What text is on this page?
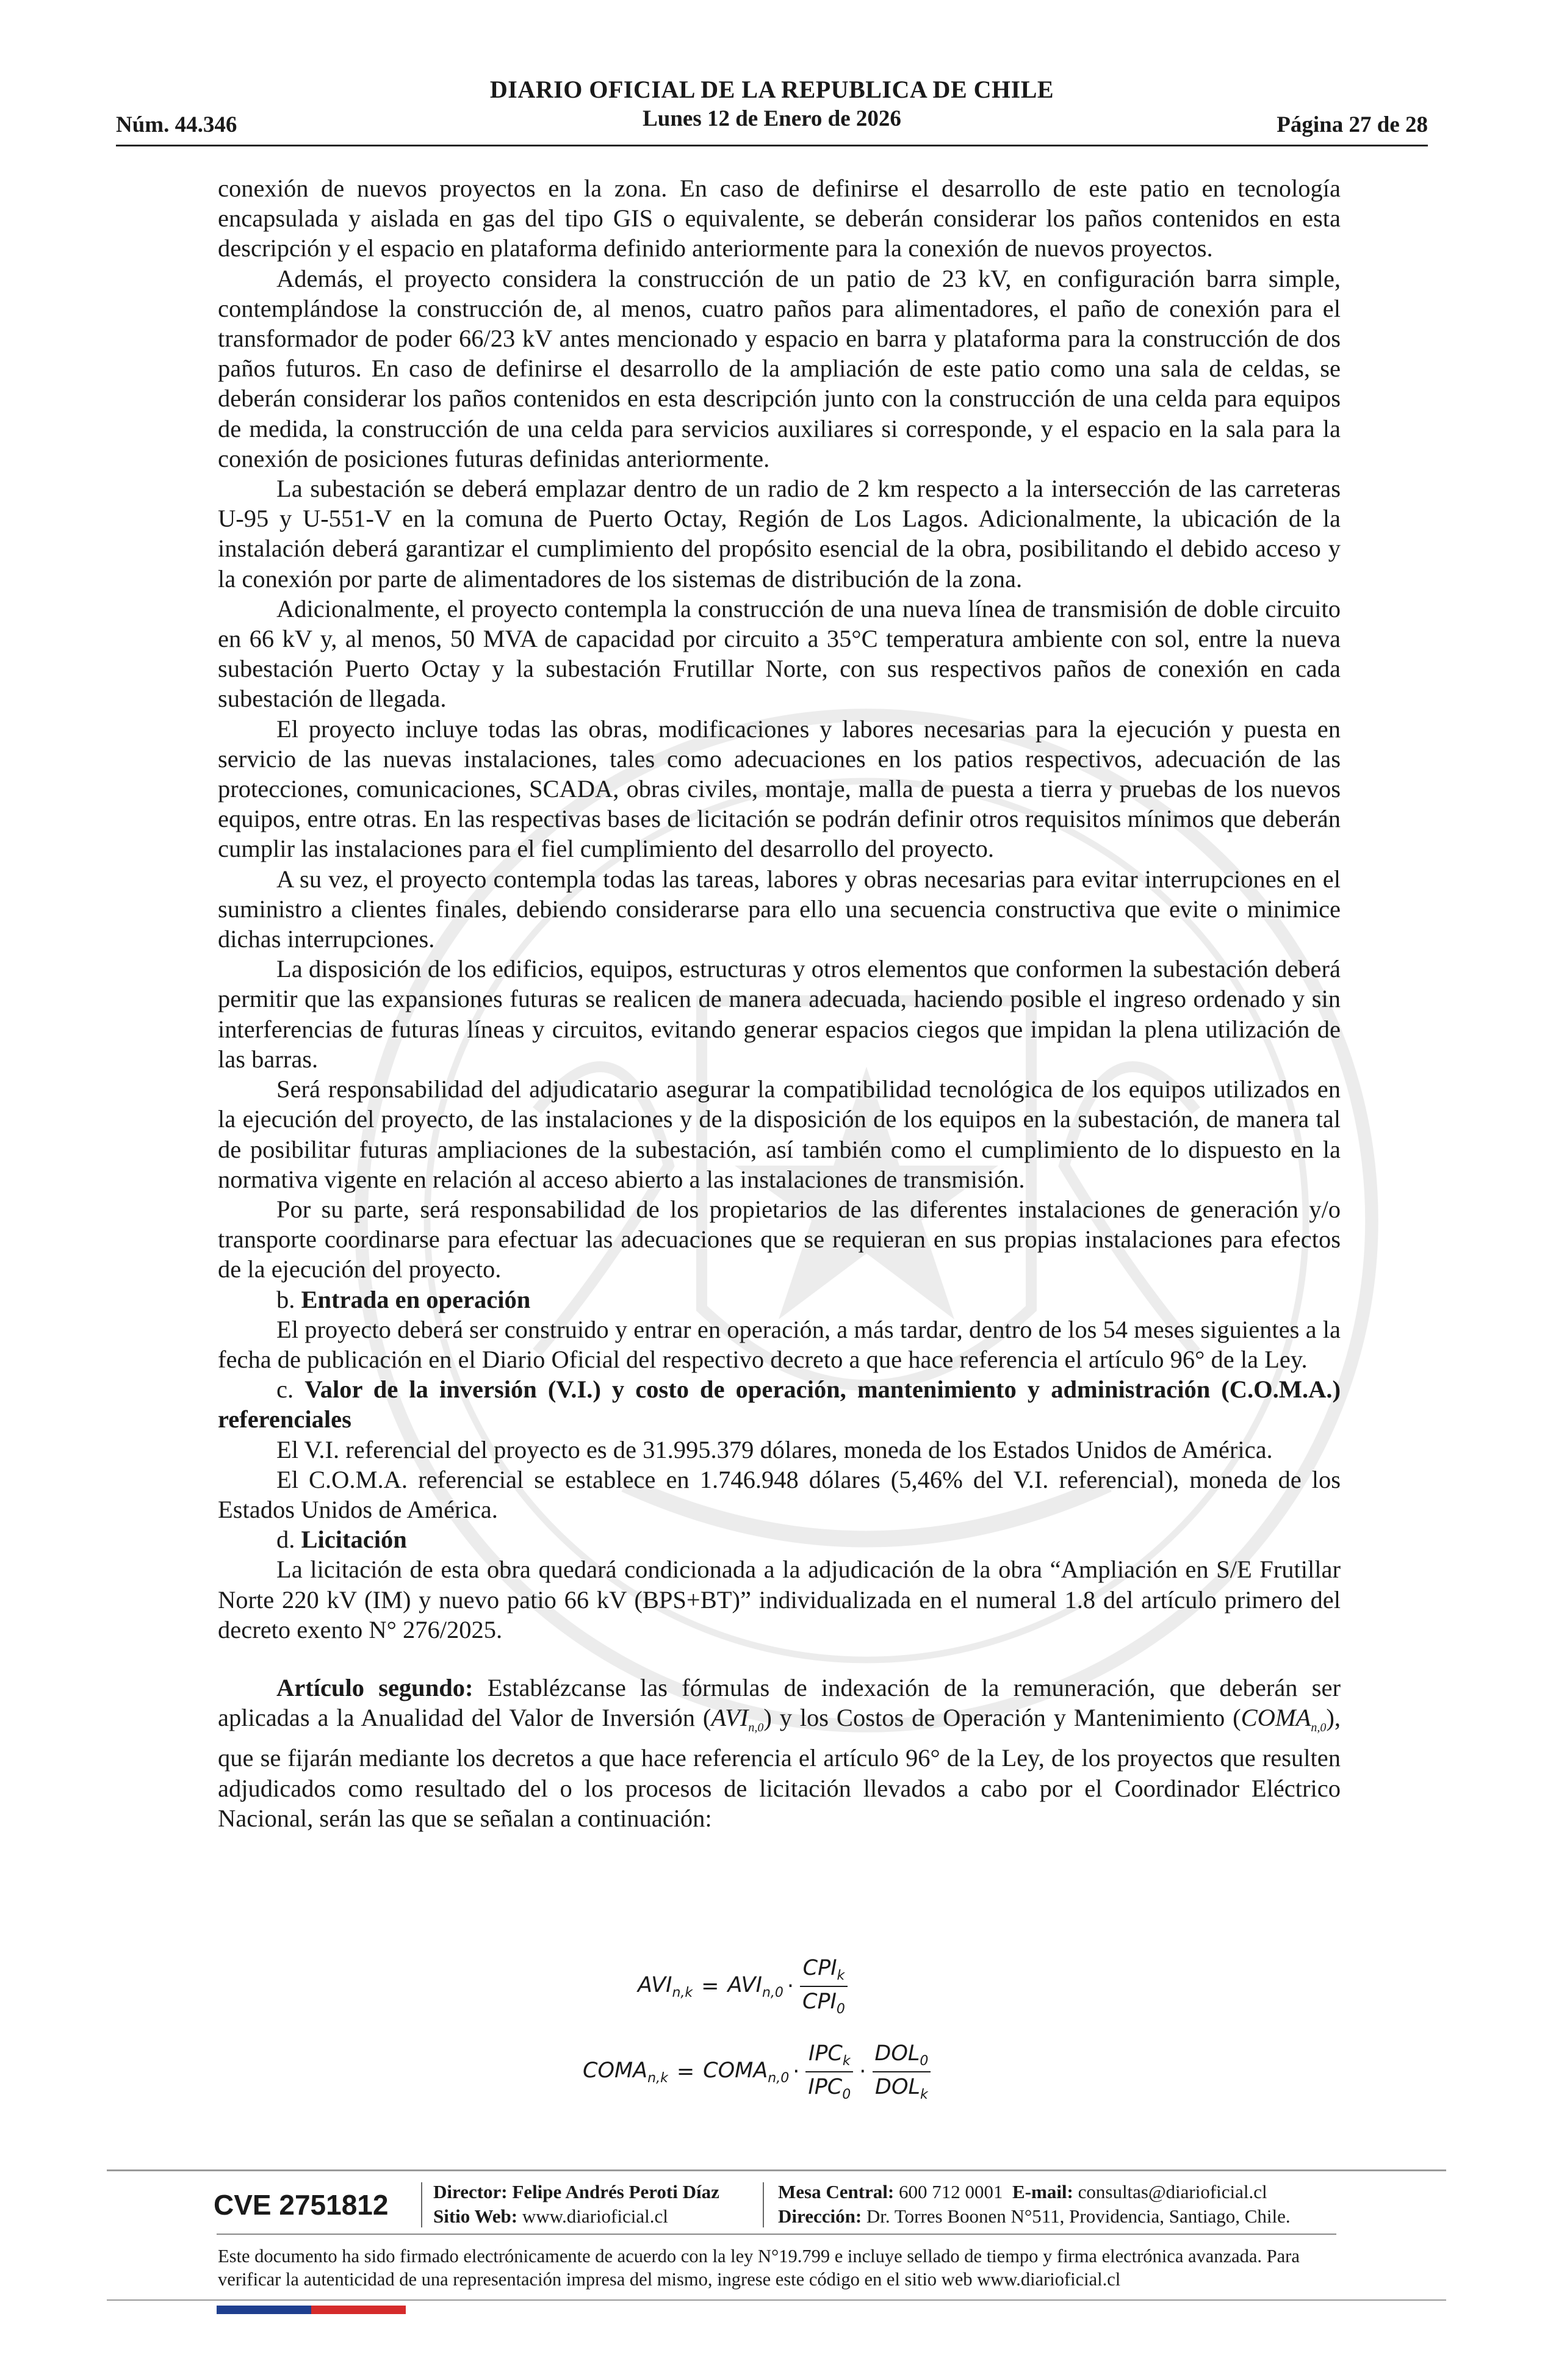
Núm. 44.346
DIARIO OFICIAL DE LA REPUBLICA DE CHILE
Lunes 12 de Enero de 2026	Página 27 de 28

conexión de nuevos proyectos en la zona. En caso de definirse el desarrollo de este patio en tecnología encapsulada y aislada en gas del tipo GIS o equivalente, se deberán considerar los paños contenidos en esta descripción y el espacio en plataforma definido anteriormente para la conexión de nuevos proyectos.

Además, el proyecto considera la construcción de un patio de 23 kV, en configuración barra simple, contemplándose la construcción de, al menos, cuatro paños para alimentadores, el paño de conexión para el transformador de poder 66/23 kV antes mencionado y espacio en barra y plataforma para la construcción de dos paños futuros. En caso de definirse el desarrollo de la ampliación de este patio como una sala de celdas, se deberán considerar los paños contenidos en esta descripción junto con la construcción de una celda para equipos de medida, la construcción de una celda para servicios auxiliares si corresponde, y el espacio en la sala para la conexión de posiciones futuras definidas anteriormente.

La subestación se deberá emplazar dentro de un radio de 2 km respecto a la intersección de las carreteras U-95 y U-551-V en la comuna de Puerto Octay, Región de Los Lagos. Adicionalmente, la ubicación de la instalación deberá garantizar el cumplimiento del propósito esencial de la obra, posibilitando el debido acceso y la conexión por parte de alimentadores de los sistemas de distribución de la zona.

Adicionalmente, el proyecto contempla la construcción de una nueva línea de transmisión de doble circuito en 66 kV y, al menos, 50 MVA de capacidad por circuito a 35°C temperatura ambiente con sol, entre la nueva subestación Puerto Octay y la subestación Frutillar Norte, con sus respectivos paños de conexión en cada subestación de llegada.

El proyecto incluye todas las obras, modificaciones y labores necesarias para la ejecución y puesta en servicio de las nuevas instalaciones, tales como adecuaciones en los patios respectivos, adecuación de las protecciones, comunicaciones, SCADA, obras civiles, montaje, malla de puesta a tierra y pruebas de los nuevos equipos, entre otras. En las respectivas bases de licitación se podrán definir otros requisitos mínimos que deberán cumplir las instalaciones para el fiel cumplimiento del desarrollo del proyecto.

A su vez, el proyecto contempla todas las tareas, labores y obras necesarias para evitar interrupciones en el suministro a clientes finales, debiendo considerarse para ello una secuencia constructiva que evite o minimice dichas interrupciones.

La disposición de los edificios, equipos, estructuras y otros elementos que conformen la subestación deberá permitir que las expansiones futuras se realicen de manera adecuada, haciendo posible el ingreso ordenado y sin interferencias de futuras líneas y circuitos, evitando generar espacios ciegos que impidan la plena utilización de las barras.

Será responsabilidad del adjudicatario asegurar la compatibilidad tecnológica de los equipos utilizados en la ejecución del proyecto, de las instalaciones y de la disposición de los equipos en la subestación, de manera tal de posibilitar futuras ampliaciones de la subestación, así también como el cumplimiento de lo dispuesto en la normativa vigente en relación al acceso abierto a las instalaciones de transmisión.

Por su parte, será responsabilidad de los propietarios de las diferentes instalaciones de generación y/o transporte coordinarse para efectuar las adecuaciones que se requieran en sus propias instalaciones para efectos de la ejecución del proyecto.

b. Entrada en operación

El proyecto deberá ser construido y entrar en operación, a más tardar, dentro de los 54 meses siguientes a la fecha de publicación en el Diario Oficial del respectivo decreto a que hace referencia el artículo 96° de la Ley.

c. Valor de la inversión (V.I.) y costo de operación, mantenimiento y administración (C.O.M.A.) referenciales

El V.I. referencial del proyecto es de 31.995.379 dólares, moneda de los Estados Unidos de América.

El C.O.M.A. referencial se establece en 1.746.948 dólares (5,46% del V.I. referencial), moneda de los Estados Unidos de América.

d. Licitación

La licitación de esta obra quedará condicionada a la adjudicación de la obra “Ampliación en S/E Frutillar Norte 220 kV (IM) y nuevo patio 66 kV (BPS+BT)” individualizada en el numeral 1.8 del artículo primero del decreto exento N° 276/2025.

Artículo segundo: Establézcanse las fórmulas de indexación de la remuneración, que deberán ser aplicadas a la Anualidad del Valor de Inversión $(AVI_{n,0})$ y los Costos de Operación y Mantenimiento $(COMA_{n,0})$, que se fijarán mediante los decretos a que hace referencia el artículo 96° de la Ley, de los proyectos que resulten adjudicados como resultado del o los procesos de licitación llevados a cabo por el Coordinador Eléctrico Nacional, serán las que se señalan a continuación:

$AVI_{n,k} = AVI_{n,0} \cdot \frac{CPI_k}{CPI_0}$
$COMA_{n,k}$ = $COMA_{n,0} \cdot \frac{IPC_k}{IPC_0} \cdot \frac{DOL_0}{DOL_k}$
CVE 2751812 Director: Felipe Andrés Peroti Díaz
Sitio Web: www.diarioficial.cl
Mesa Central: 600 712 0001 E-mail: consultas@diarioficial.cl
Dirección: Dr. Torres Boonen N°511, Providencia, Santiago, Chile.
Este documento ha sido firmado electrónicamente de acuerdo con la ley N°19.799 e incluye sellado de tiempo y firma electrónica avanzada. Para verificar la autenticidad de una representación impresa del mismo, ingrese este código en el sitio web www.diarioficial.cl
